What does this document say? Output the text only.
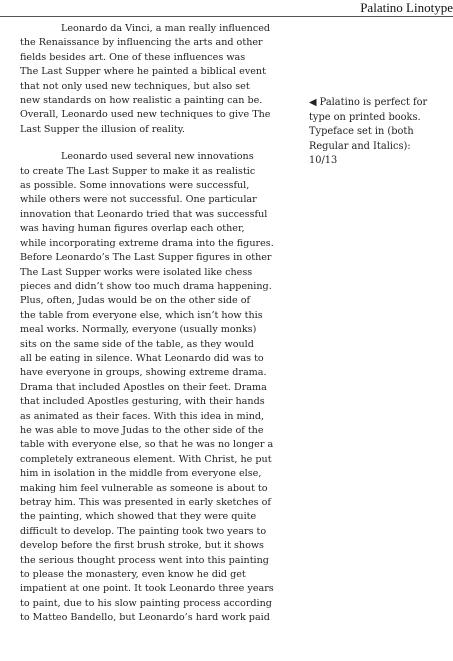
Palatino Linotype

Leonardo da Vinci, a man really influenced
the Renaissance by influencing the arts and other
fields besides art. One of these influences was
The Last Supper where he painted a biblical event
that not only used new techniques, but also set
new standards on how realistic a painting can be.
Overall, Leonardo used new techniques to give The
Last Supper the illusion of reality.

Leonardo used several new innovations
to create The Last Supper to make it as realistic
as possible. Some innovations were successful,
while others were not successful. One particular
innovation that Leonardo tried that was successful
was having human figures overlap each other,
while incorporating extreme drama into the figures.
Before Leonardo’s The Last Supper figures in other
The Last Supper works were isolated like chess
pieces and didn’t show too much drama happening.
Plus, often, Judas would be on the other side of
the table from everyone else, which isn’t how this
meal works. Normally, everyone (usually monks)
sits on the same side of the table, as they would
all be eating in silence. What Leonardo did was to
have everyone in groups, showing extreme drama.
Drama that included Apostles on their feet. Drama
that included Apostles gesturing, with their hands
as animated as their faces. With this idea in mind,
he was able to move Judas to the other side of the
table with everyone else, so that he was no longer a
completely extraneous element. With Christ, he put
him in isolation in the middle from everyone else,
making him feel vulnerable as someone is about to
betray him. This was presented in early sketches of
the painting, which showed that they were quite
difficult to develop. The painting took two years to
develop before the first brush stroke, but it shows
the serious thought process went into this painting
to please the monastery, even know he did get
impatient at one point. It took Leonardo three years
to paint, due to his slow painting process according
to Matteo Bandello, but Leonardo’s hard work paid

◀ Palatino is perfect for
type on printed books.
Typeface set in (both
Regular and Italics):
10/13
